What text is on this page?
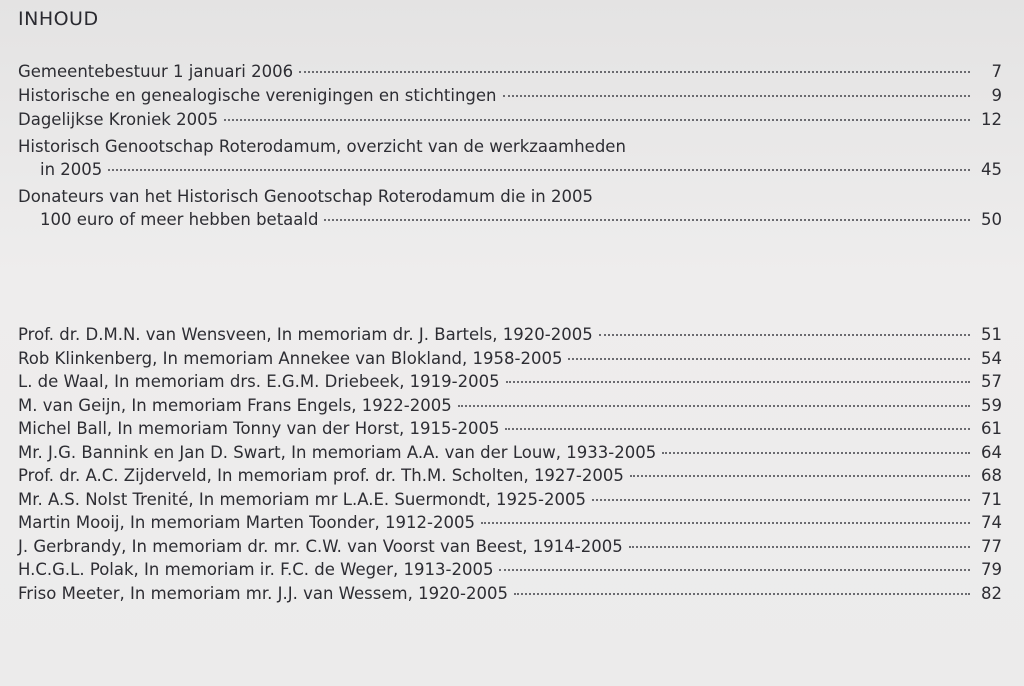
INHOUD
Gemeentebestuur 1 januari 2006	7
Historische en genealogische verenigingen en stichtingen	9
Dagelijkse Kroniek 2005	12
Historisch Genootschap Roterodamum, overzicht van de werkzaamheden
in 2005	45
Donateurs van het Historisch Genootschap Roterodamum die in 2005
100 euro of meer hebben betaald	50
Prof. dr. D.M.N. van Wensveen, In memoriam dr. J. Bartels, 1920-2005	51
Rob Klinkenberg, In memoriam Annekee van Blokland, 1958-2005	54
L. de Waal, In memoriam drs. E.G.M. Driebeek, 1919-2005	57
M. van Geijn, In memoriam Frans Engels, 1922-2005	59
Michel Ball, In memoriam Tonny van der Horst, 1915-2005	61
Mr. J.G. Bannink en Jan D. Swart, In memoriam A.A. van der Louw, 1933-2005	64
Prof. dr. A.C. Zijderveld, In memoriam prof. dr. Th.M. Scholten, 1927-2005	68
Mr. A.S. Nolst Trenité, In memoriam mr L.A.E. Suermondt, 1925-2005	71
Martin Mooij, In memoriam Marten Toonder, 1912-2005	74
J. Gerbrandy, In memoriam dr. mr. C.W. van Voorst van Beest, 1914-2005	77
H.C.G.L. Polak, In memoriam ir. F.C. de Weger, 1913-2005	79
Friso Meeter, In memoriam mr. J.J. van Wessem, 1920-2005	82
